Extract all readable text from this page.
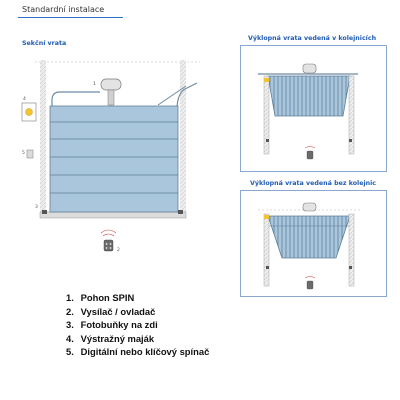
Standardní instalace
Sekční vrata
Výklopná vrata vedená v kolejnicích
Výklopná vrata vedená bez kolejnic
1
2
3
4
5
1. Pohon SPIN
2. Vysílač / ovladač
3. Fotobuňky na zdi
4. Výstražný maják
5. Digitální nebo klíčový spínač
